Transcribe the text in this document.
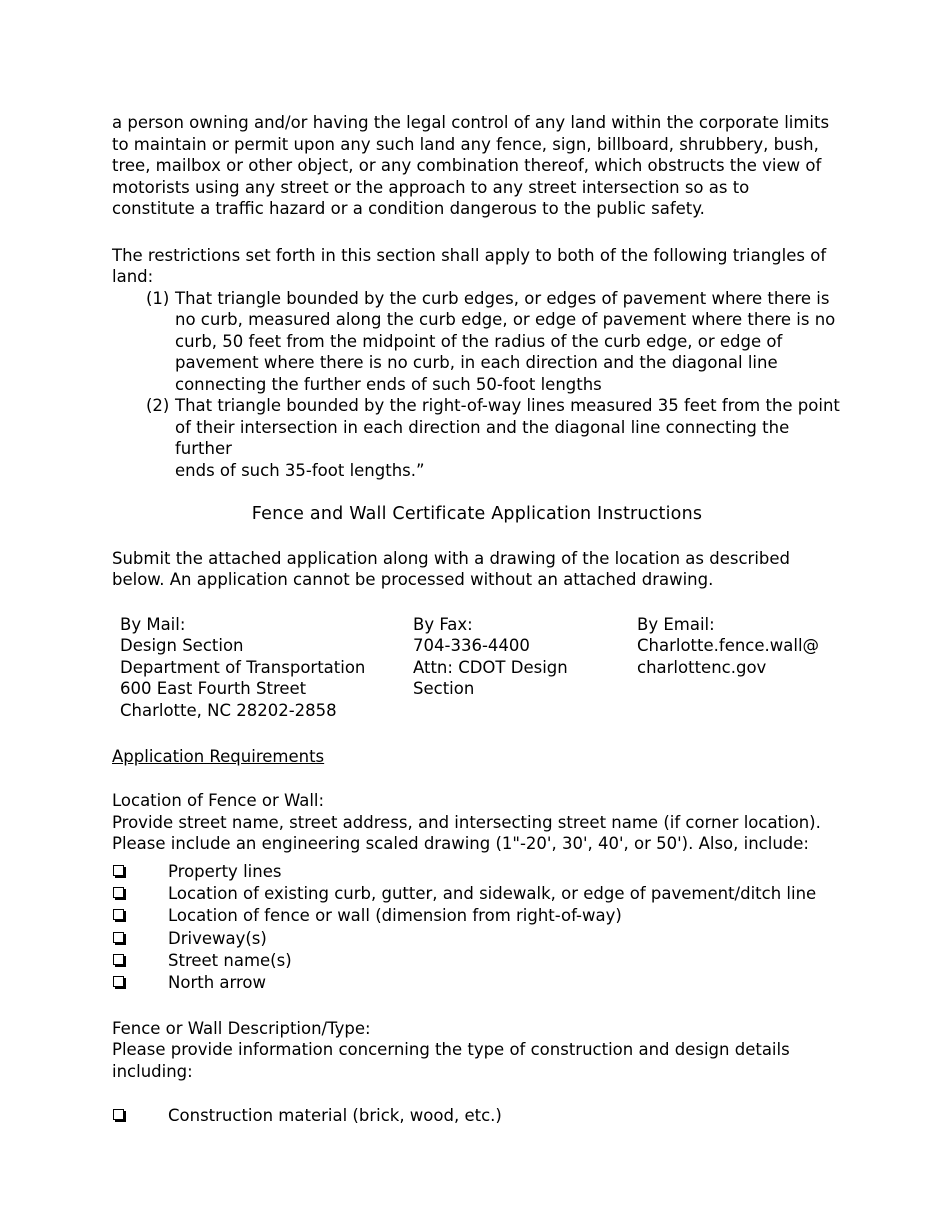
a person owning and/or having the legal control of any land within the corporate limits
to maintain or permit upon any such land any fence, sign, billboard, shrubbery, bush,
tree, mailbox or other object, or any combination thereof, which obstructs the view of
motorists using any street or the approach to any street intersection so as to
constitute a traffic hazard or a condition dangerous to the public safety.

The restrictions set forth in this section shall apply to both of the following triangles of
land:

(1) That triangle bounded by the curb edges, or edges of pavement where there is
no curb, measured along the curb edge, or edge of pavement where there is no
curb, 50 feet from the midpoint of the radius of the curb edge, or edge of
pavement where there is no curb, in each direction and the diagonal line
connecting the further ends of such 50-foot lengths
(2) That triangle bounded by the right-of-way lines measured 35 feet from the point
of their intersection in each direction and the diagonal line connecting the further
ends of such 35-foot lengths.”

Fence and Wall Certificate Application Instructions

Submit the attached application along with a drawing of the location as described
below. An application cannot be processed without an attached drawing.

By Mail:
Design Section
Department of Transportation
600 East Fourth Street
Charlotte, NC 28202-2858
By Fax:
704-336-4400
Attn: CDOT Design
Section
By Email:
Charlotte.fence.wall@
charlottenc.gov

Application Requirements

Location of Fence or Wall:
Provide street name, street address, and intersecting street name (if corner location).
Please include an engineering scaled drawing (1"-20', 30', 40', or 50'). Also, include:

Property lines
Location of existing curb, gutter, and sidewalk, or edge of pavement/ditch line
Location of fence or wall (dimension from right-of-way)
Driveway(s)
Street name(s)
North arrow

Fence or Wall Description/Type:
Please provide information concerning the type of construction and design details
including:

Construction material (brick, wood, etc.)
